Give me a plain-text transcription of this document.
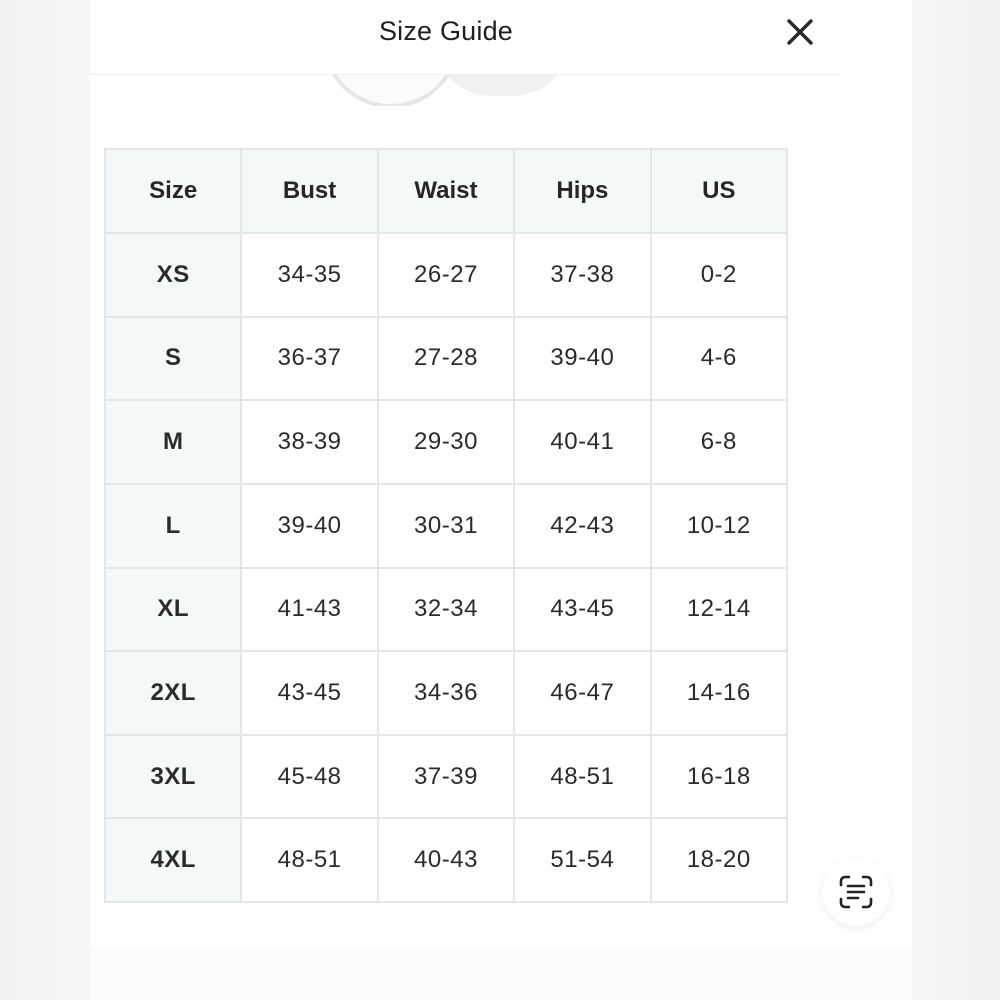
Size Guide
Size	Bust	Waist	Hips	US
XS	34-35	26-27	37-38	0-2
S	36-37	27-28	39-40	4-6
M	38-39	29-30	40-41	6-8
L	39-40	30-31	42-43	10-12
XL	41-43	32-34	43-45	12-14
2XL	43-45	34-36	46-47	14-16
3XL	45-48	37-39	48-51	16-18
4XL	48-51	40-43	51-54	18-20
